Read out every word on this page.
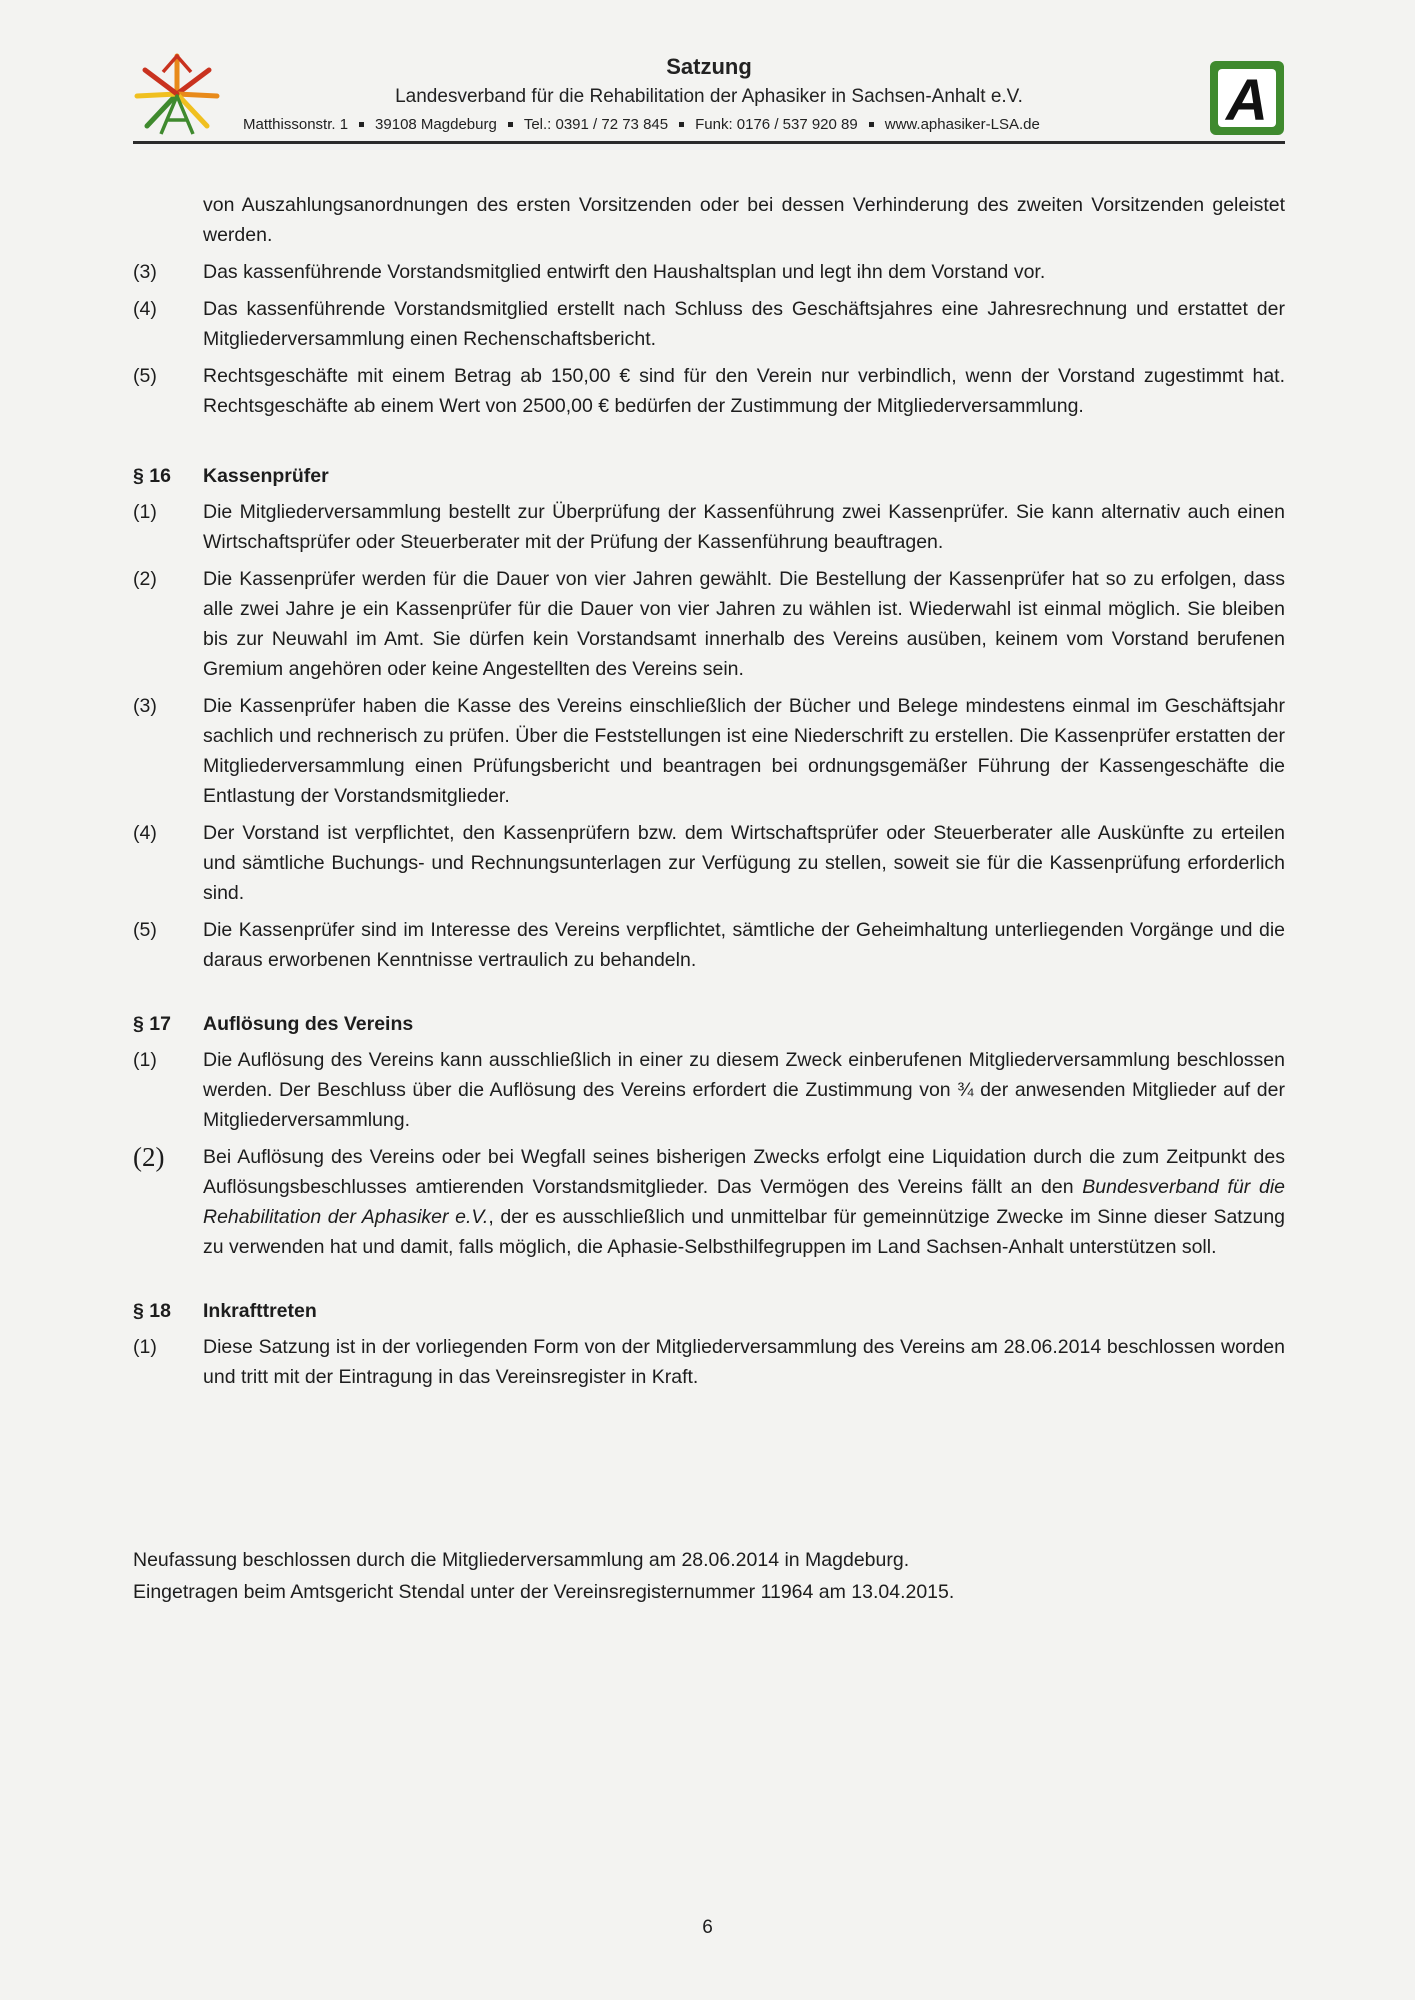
Satzung
Landesverband für die Rehabilitation der Aphasiker in Sachsen-Anhalt e.V.
Matthissonstr. 1 39108 Magdeburg Tel.: 0391 / 72 73 845 Funk: 0176 / 537 920 89 www.aphasiker-LSA.de	A
von Auszahlungsanordnungen des ersten Vorsitzenden oder bei dessen Verhinderung des zweiten Vorsitzenden geleistet werden.
(3)	Das kassenführende Vorstandsmitglied entwirft den Haushaltsplan und legt ihn dem Vorstand vor.
(4)	Das kassenführende Vorstandsmitglied erstellt nach Schluss des Geschäftsjahres eine Jahresrechnung und erstattet der Mitgliederversammlung einen Rechenschaftsbericht.
(5)	Rechtsgeschäfte mit einem Betrag ab 150,00 € sind für den Verein nur verbindlich, wenn der Vorstand zugestimmt hat. Rechtsgeschäfte ab einem Wert von 2500,00 € bedürfen der Zustimmung der Mitgliederversammlung.
§ 16	Kassenprüfer
(1)	Die Mitgliederversammlung bestellt zur Überprüfung der Kassenführung zwei Kassenprüfer. Sie kann alternativ auch einen Wirtschaftsprüfer oder Steuerberater mit der Prüfung der Kassenführung beauftragen.
(2)	Die Kassenprüfer werden für die Dauer von vier Jahren gewählt. Die Bestellung der Kassenprüfer hat so zu erfolgen, dass alle zwei Jahre je ein Kassenprüfer für die Dauer von vier Jahren zu wählen ist. Wiederwahl ist einmal möglich. Sie bleiben bis zur Neuwahl im Amt. Sie dürfen kein Vorstandsamt innerhalb des Vereins ausüben, keinem vom Vorstand berufenen Gremium angehören oder keine Angestellten des Vereins sein.
(3)	Die Kassenprüfer haben die Kasse des Vereins einschließlich der Bücher und Belege mindestens einmal im Geschäftsjahr sachlich und rechnerisch zu prüfen. Über die Feststellungen ist eine Niederschrift zu erstellen. Die Kassenprüfer erstatten der Mitgliederversammlung einen Prüfungsbericht und beantragen bei ordnungsgemäßer Führung der Kassengeschäfte die Entlastung der Vorstandsmitglieder.
(4)	Der Vorstand ist verpflichtet, den Kassenprüfern bzw. dem Wirtschaftsprüfer oder Steuerberater alle Auskünfte zu erteilen und sämtliche Buchungs- und Rechnungsunterlagen zur Verfügung zu stellen, soweit sie für die Kassenprüfung erforderlich sind.
(5)	Die Kassenprüfer sind im Interesse des Vereins verpflichtet, sämtliche der Geheimhaltung unterliegenden Vorgänge und die daraus erworbenen Kenntnisse vertraulich zu behandeln.
§ 17	Auflösung des Vereins
(1)	Die Auflösung des Vereins kann ausschließlich in einer zu diesem Zweck einberufenen Mitgliederversammlung beschlossen werden. Der Beschluss über die Auflösung des Vereins erfordert die Zustimmung von ¾ der anwesenden Mitglieder auf der Mitgliederversammlung.
(2)	Bei Auflösung des Vereins oder bei Wegfall seines bisherigen Zwecks erfolgt eine Liquidation durch die zum Zeitpunkt des Auflösungsbeschlusses amtierenden Vorstandsmitglieder. Das Vermögen des Vereins fällt an den Bundesverband für die Rehabilitation der Aphasiker e.V., der es ausschließlich und unmittelbar für gemeinnützige Zwecke im Sinne dieser Satzung zu verwenden hat und damit, falls möglich, die Aphasie-Selbsthilfegruppen im Land Sachsen-Anhalt unterstützen soll.
§ 18	Inkrafttreten
(1)	Diese Satzung ist in der vorliegenden Form von der Mitgliederversammlung des Vereins am 28.06.2014 beschlossen worden und tritt mit der Eintragung in das Vereinsregister in Kraft.
Neufassung beschlossen durch die Mitgliederversammlung am 28.06.2014 in Magdeburg.
Eingetragen beim Amtsgericht Stendal unter der Vereinsregisternummer 11964 am 13.04.2015.
6
